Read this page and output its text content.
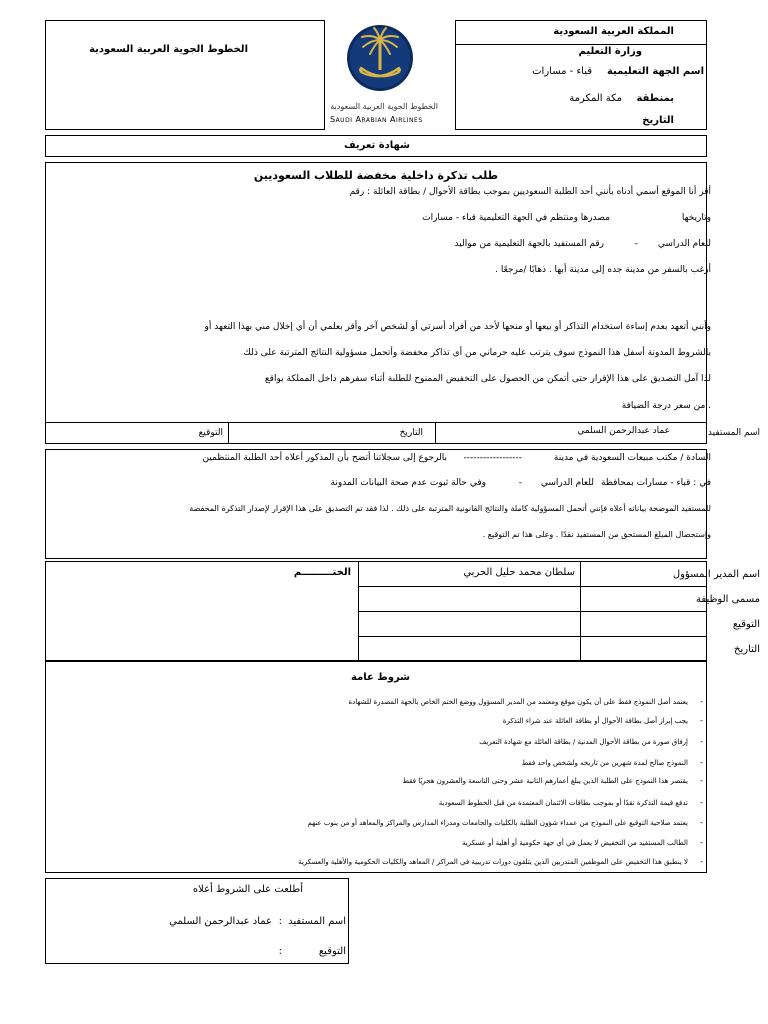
الخطوط الجوية العربية السعودية
الخطوط الجوية العربية السعودية
Saudi Arabian Airlines
المملكة العربية السعودية
وزارة التعليم
اسم الجهة التعليمية
قباء - مسارات
بمنطقة
مكة المكرمة
التاريخ
شهادة تعريف
طلب تذكرة داخلية مخفضة للطلاب السعوديين
أقر أنا الموقع أسمي أدناه بأنني أحد الطلبة السعوديين بموجب بطاقة الأحوال / بطاقة العائلة : رقم
وتاريخها
مصدرها ومنتظم في الجهة التعليمية قباء - مسارات
للعام الدراسي
-
رقم المستفيد بالجهة التعليمية من مواليد
أرغب بالسفر من مدينة جده إلى مدينة أبها . ذهابًا /مرجعًا .
وأنني أتعهد بعدم إساءة استخدام التذاكر أو بيعها أو منحها لأحد من أفراد أسرتي أو لشخص آخر وأقر بعلمي أن أي إخلال مني بهذا التعهد أو
بالشروط المدونة أسفل هذا النموذج سوف يترتب عليه حرماني من أي تذاكر مخفضة وأتحمل مسؤولية النتائج المترتبة على ذلك
لذا آمل التصديق على هذا الإقرار حتى أتمكن من الحصول على التخفيض الممنوح للطلبة أثناء سفرهم داخل المملكة بواقع
. من سعر درجة الضيافة
اسم المستفيد
عماد عبدالرحمن السلمي
التاريخ
التوقيع
السادة / مكتب مبيعات السعودية في مدينة
------------------
بالرجوع إلى سجلاتنا أتضح بأن المذكور أعلاه أحد الطلبة المنتظمين
في : قباء - مسارات بمحافظة
للعام الدراسي
-
وفي حالة ثبوت عدم صحة البيانات المدونة
للمستفيد الموضحة بياناته أعلاه فإنني أتحمل المسؤولية كاملة والنتائج القانونية المترتبة على ذلك . لذا فقد تم التصديق على هذا الإقرار لإصدار التذكرة المخفضة
وإستحصال المبلغ المستحق من المستفيد نقدًا . وعلى هذا تم التوقيع .
اسم المدير المسؤول
سلطان محمد حليل الحربي
مسمى الوظيفة
التوقيع
التاريخ
الختـــــــــم
شروط عامة
-
يعتمد أصل النموذج فقط على أن يكون موقع ومعتمد من المدير المسؤول ووضع الختم الخاص بالجهة المصدرة للشهادة
-
يجب إبراز أصل بطاقة الأحوال أو بطاقة العائلة عند شراء التذكرة
-
إرفاق صورة من بطاقة الأحوال المدنية / بطاقة العائلة مع شهادة التعريف
-
النموذج صالح لمدة شهرين من تاريخه ولشخص واحد فقط
-
يقتصر هذا النموذج على الطلبة الذين يبلغ أعمارهم الثانية عشر وحتى التاسعة والعشرون هجريًا فقط
-
تدفع قيمة التذكرة نقدًا أو بموجب بطاقات الائتمان المعتمدة من قبل الخطوط السعودية
-
يعتمد صلاحية التوقيع على النموذج من عمداء شؤون الطلبة بالكليات والجامعات ومدراء المدارس والمراكز والمعاهد أو من ينوب عنهم
-
الطالب المستفيد من التخفيض لا يعمل في أي جهة حكومية أو أهلية أو عسكرية
-
لا ينطبق هذا التخفيض على الموظفين المتدربين الذين يتلقون دورات تدريبية في المراكز / المعاهد والكليات الحكومية والأهلية والعسكرية
أطلعت على الشروط أعلاه
اسم المستفيد
:
عماد عبدالرحمن السلمي
التوقيع
:
